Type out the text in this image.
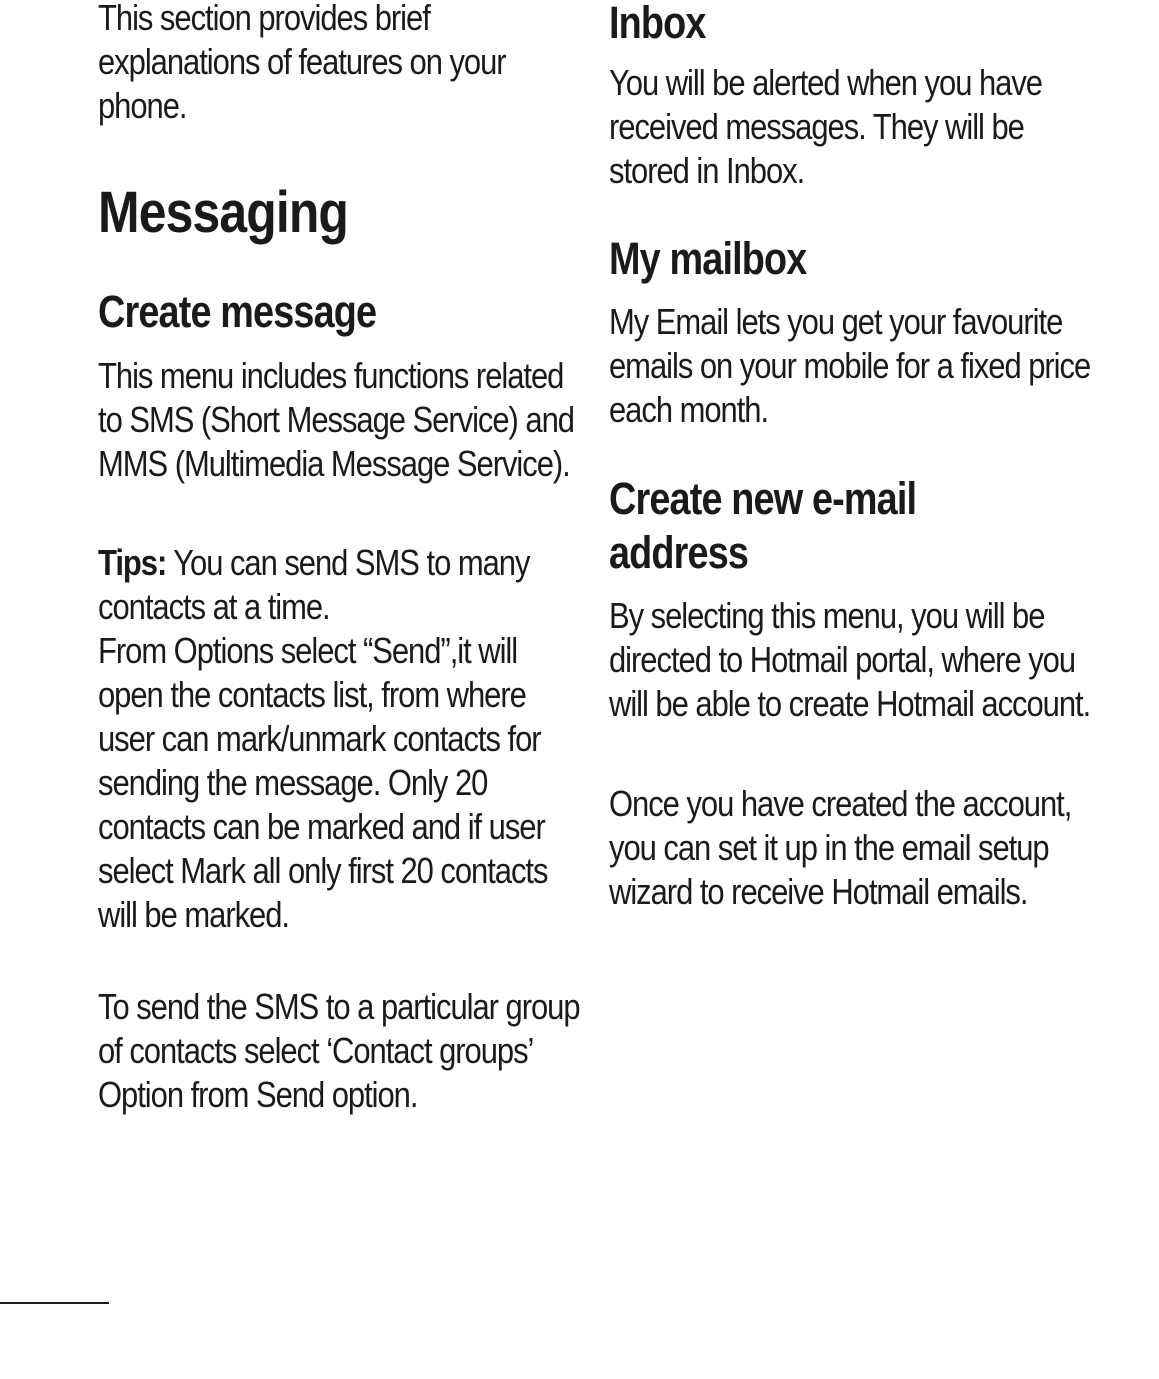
This section provides brief explanations of features on your phone.

Messaging
Create message

This menu includes functions related to SMS (Short Message Service) and MMS (Multimedia Message Service).

Tips: You can send SMS to many contacts at a time.

From Options select “Send”,it will open the contacts list, from where user can mark/unmark contacts for sending the message. Only 20 contacts can be marked and if user select Mark all only first 20 contacts will be marked.

To send the SMS to a particular group of contacts select ‘Contact groups’ Option from Send option.

Inbox

You will be alerted when you have received messages. They will be stored in Inbox.

My mailbox

My Email lets you get your favourite emails on your mobile for a fixed price each month.

Create new e-mail
address

By selecting this menu, you will be directed to Hotmail portal, where you will be able to create Hotmail account.

Once you have created the account, you can set it up in the email setup wizard to receive Hotmail emails.
